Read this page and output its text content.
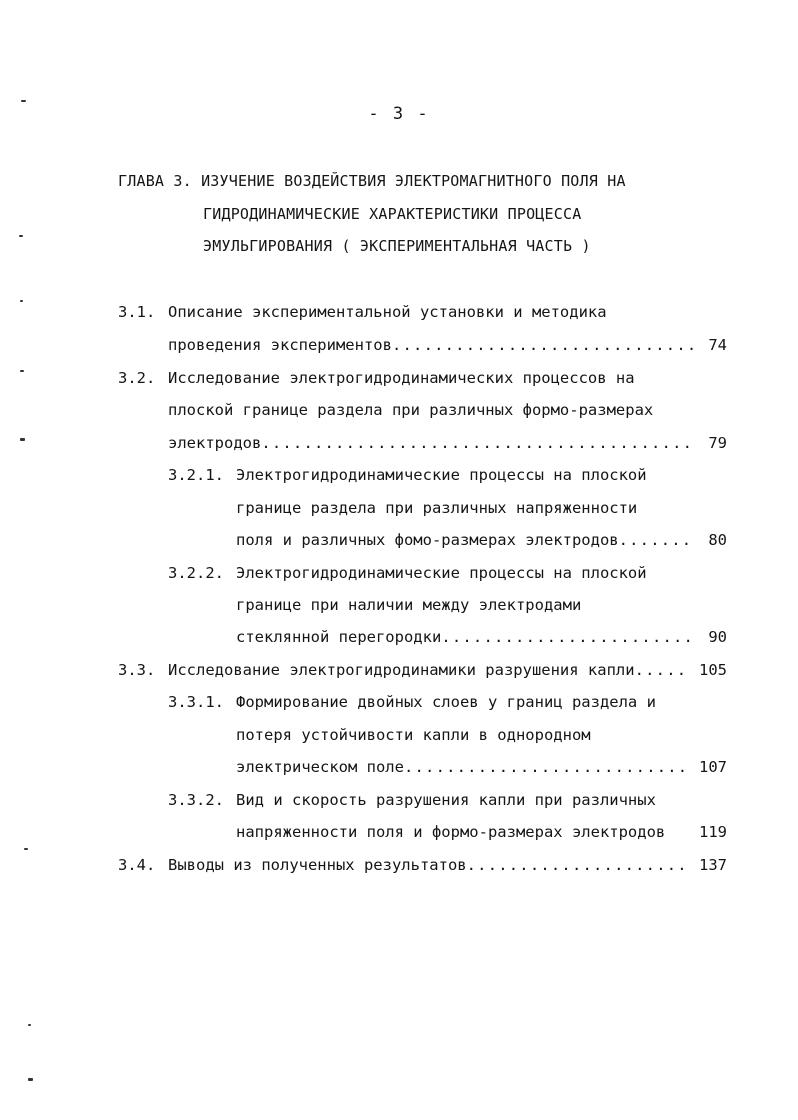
- 3 -
ГЛАВА 3. ИЗУЧЕНИЕ ВОЗДЕЙСТВИЯ ЭЛЕКТРОМАГНИТНОГО ПОЛЯ НА
ГИДРОДИНАМИЧЕСКИЕ ХАРАКТЕРИСТИКИ ПРОЦЕССА
ЭМУЛЬГИРОВАНИЯ ( ЭКСПЕРИМЕНТАЛЬНАЯ ЧАСТЬ )
3.1. Описание экспериментальной установки и методика
проведения экспериментов .....	74
3.2. Исследование электрогидродинамических процессов на
плоской границе раздела при различных формо-размерах
электродов .....	79
3.2.1. Электрогидродинамические процессы на плоской
границе раздела при различных напряженности
поля и различных фомо-размерах электродов .....	80
3.2.2. Электрогидродинамические процессы на плоской
границе при наличии между электродами
стеклянной перегородки .....	90
3.3. Исследование электрогидродинамики разрушения капли .....	105
3.3.1. Формирование двойных слоев у границ раздела и
потеря устойчивости капли в однородном
электрическом поле .....	107
3.3.2. Вид и скорость разрушения капли при различных
напряженности поля и формо-размерах электродов	119
3.4. Выводы из полученных результатов .....	137
